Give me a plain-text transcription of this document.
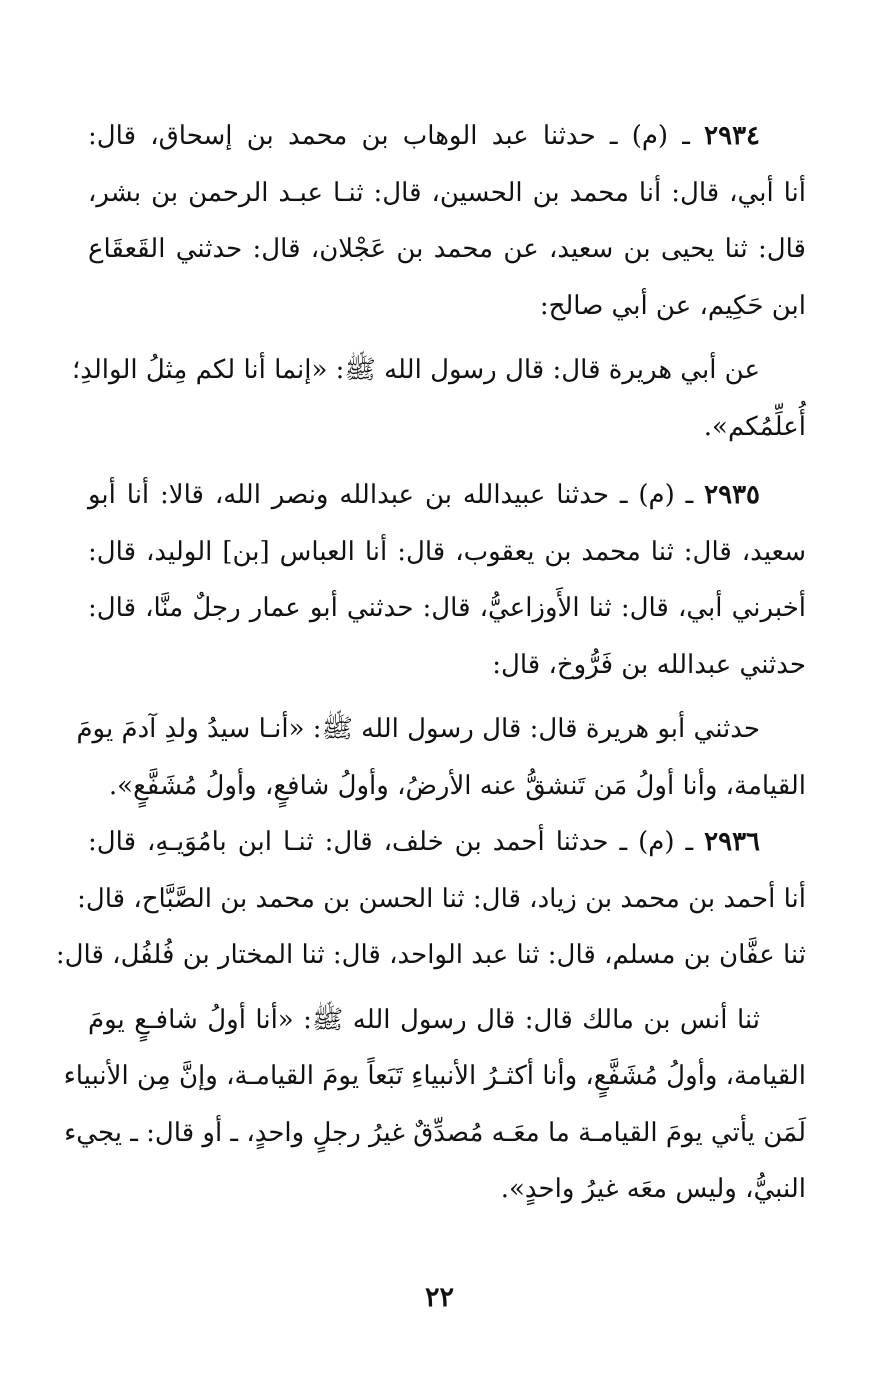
٢٩٣٤ ـ (م) ـ حدثنا عبد الوهاب بن محمد بن إسحاق، قال:
أنا أبي، قال: أنا محمد بن الحسين، قال: ثنـا عبـد الرحمن بن بشر،
قال: ثنا يحيى بن سعيد، عن محمد بن عَجْلان، قال: حدثني القَعقَاع
ابن حَكِيم، عن أبي صالح:
عن أبي هريرة قال: قال رسول الله ﷺ: «إنما أنا لكم مِثلُ الوالدِ؛
أُعلِّمُكم».
٢٩٣٥ ـ (م) ـ حدثنا عبيدالله بن عبدالله ونصر الله، قالا: أنا أبو
سعيد، قال: ثنا محمد بن يعقوب، قال: أنا العباس [بن] الوليد، قال:
أخبرني أبي، قال: ثنا الأَوزاعيُّ، قال: حدثني أبو عمار رجلٌ منَّا، قال:
حدثني عبدالله بن فَرُّوخ، قال:
حدثني أبو هريرة قال: قال رسول الله ﷺ: «أنـا سيدُ ولدِ آدمَ يومَ
القيامة، وأنا أولُ مَن تَنشقُّ عنه الأرضُ، وأولُ شافعٍ، وأولُ مُشَفَّعٍ».
٢٩٣٦ ـ (م) ـ حدثنا أحمد بن خلف، قال: ثنـا ابن بامُوَيـهِ، قال:
أنا أحمد بن محمد بن زياد، قال: ثنا الحسن بن محمد بن الصَّبَّاح، قال:
ثنا عفَّان بن مسلم، قال: ثنا عبد الواحد، قال: ثنا المختار بن فُلفُل، قال:
ثنا أنس بن مالك قال: قال رسول الله ﷺ: «أنا أولُ شافـعٍ يومَ
القيامة، وأولُ مُشَفَّعٍ، وأنا أكثـرُ الأنبياءِ تَبَعاً يومَ القيامـة، وإنَّ مِن الأنبياء
لَمَن يأتي يومَ القيامـة ما معَـه مُصدِّقٌ غيرُ رجلٍ واحدٍ، ـ أو قال: ـ يجيء
النبيُّ، وليس معَه غيرُ واحدٍ».
٢٢
